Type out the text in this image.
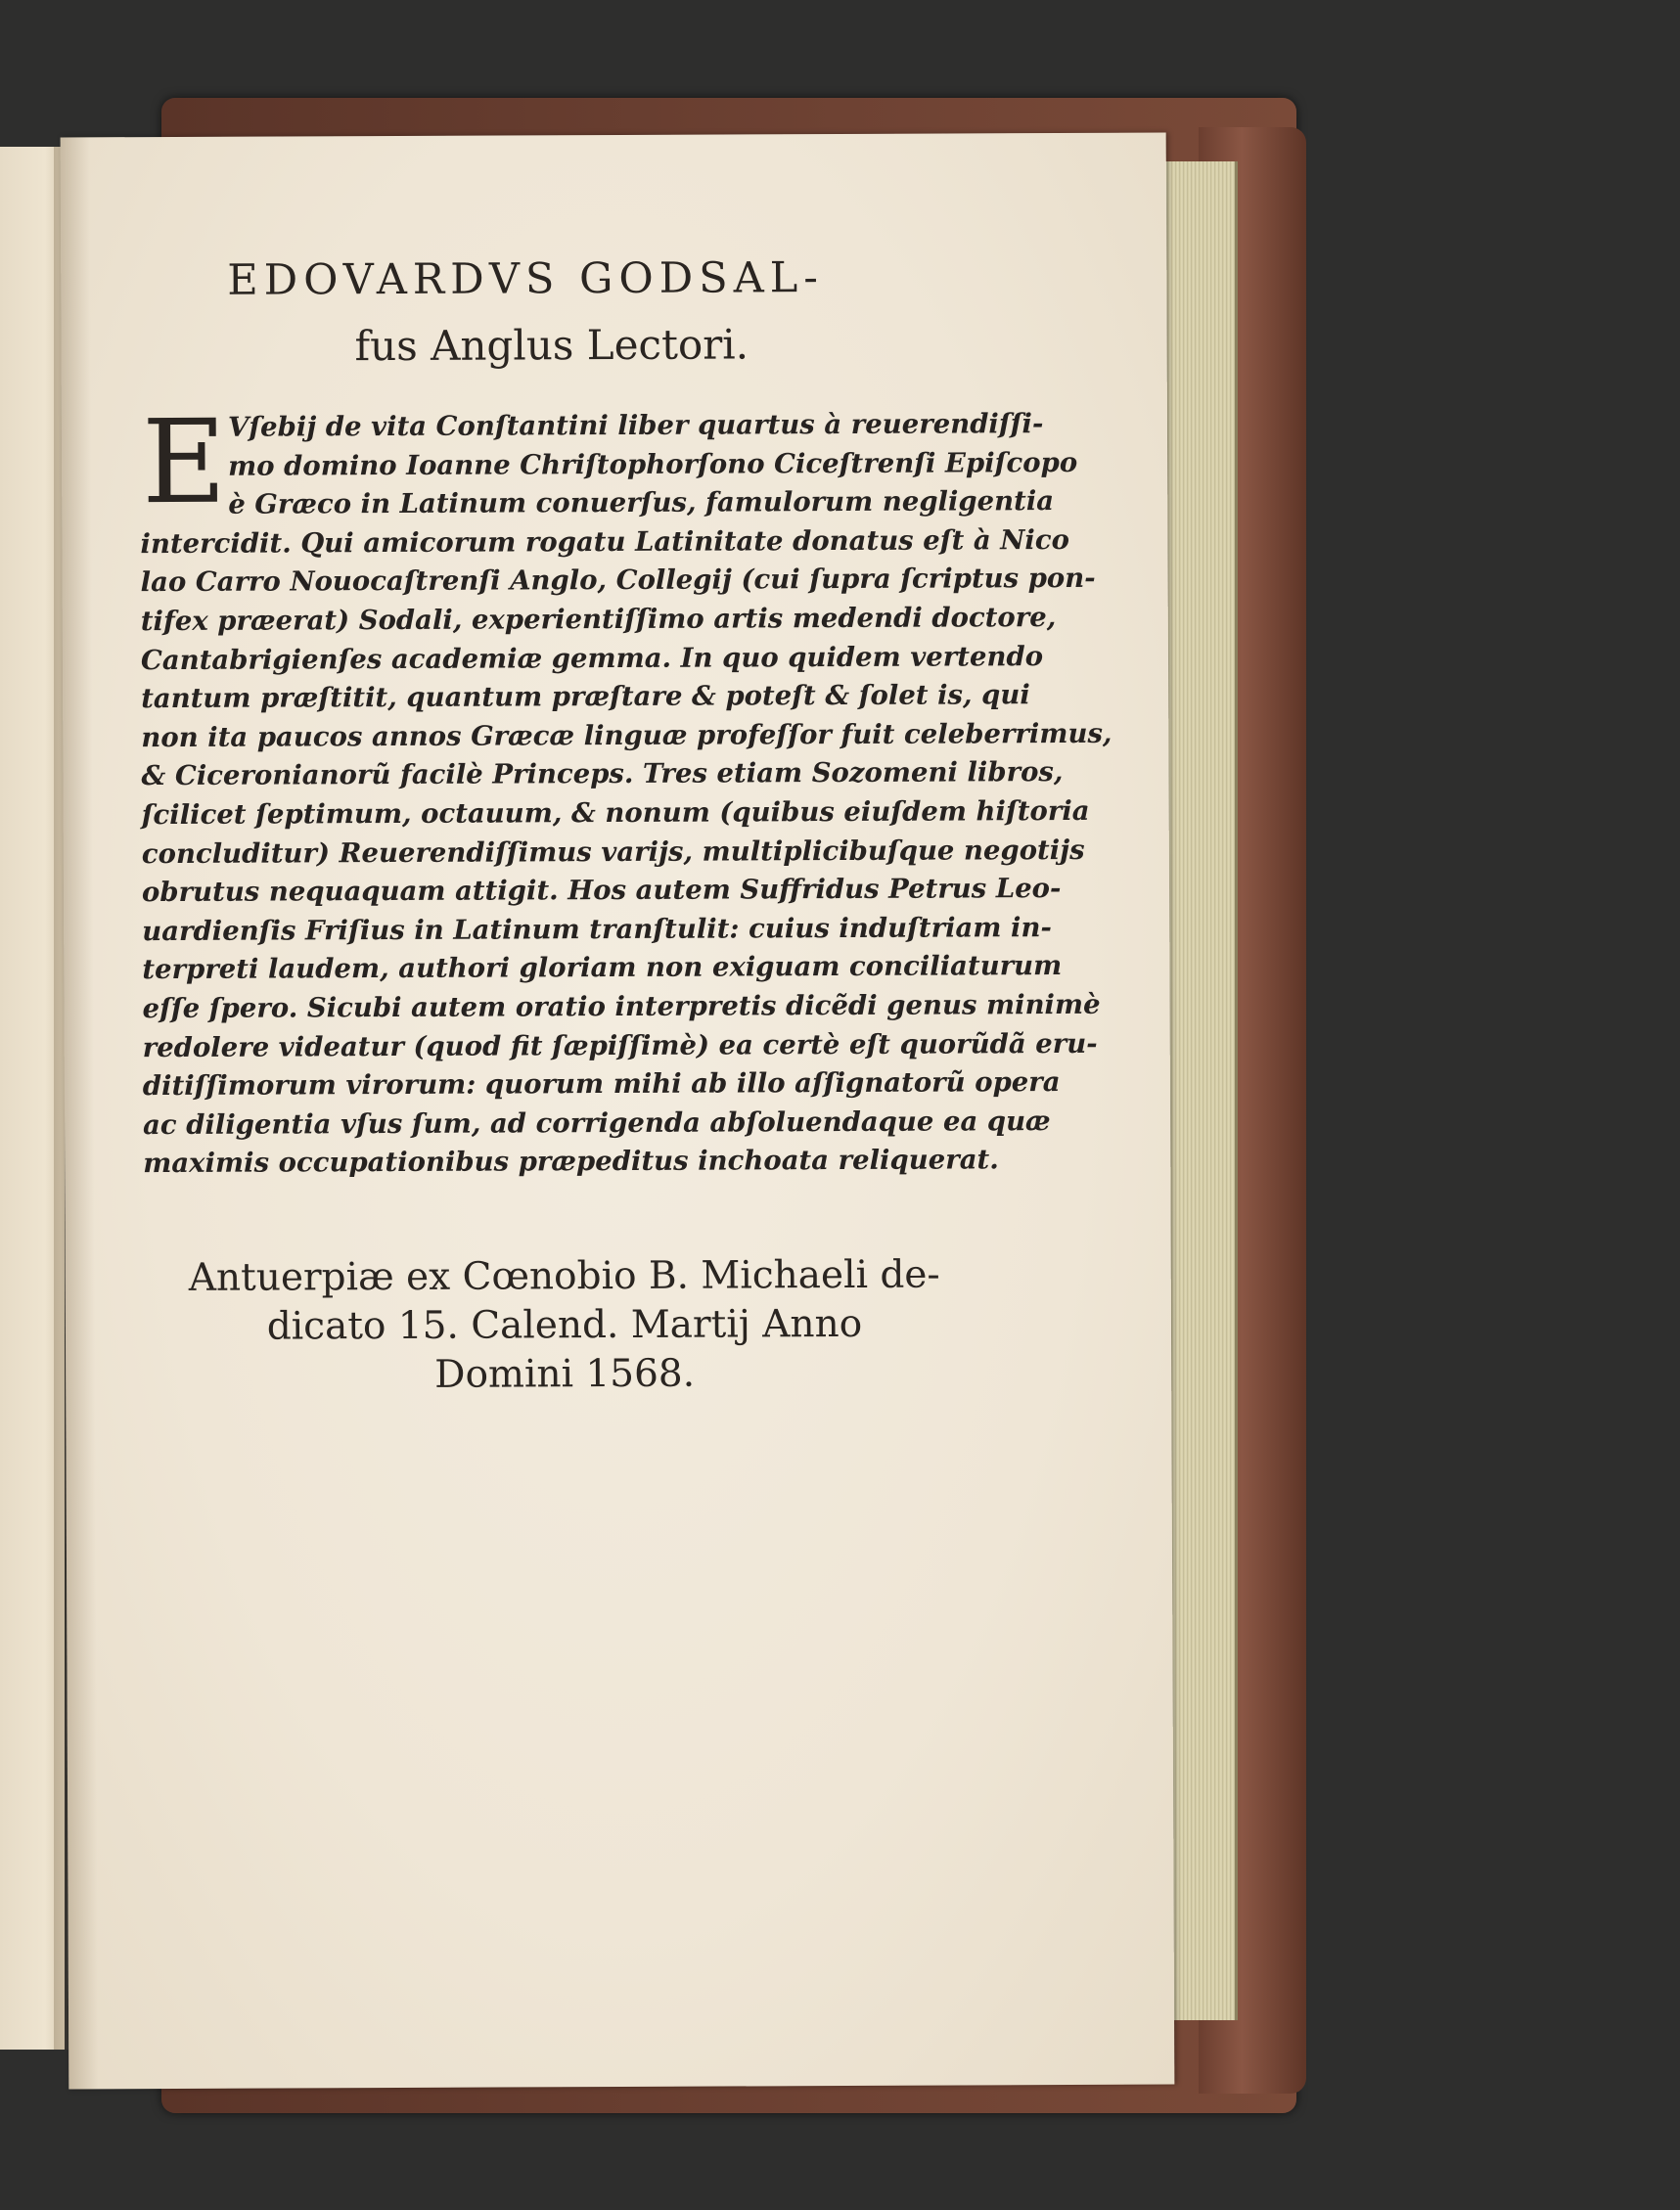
EDOVARDVS GODSAL-
fus Anglus Lectori.
E Vſebij de vita Conſtantini liber quartus à reuerendiſſi-
mo domino Ioanne Chriſtophorſono Ciceſtrenſi Epiſcopo
è Græco in Latinum conuerſus, famulorum negligentia
intercidit. Qui amicorum rogatu Latinitate donatus eſt à Nico
lao Carro Nouocaſtrenſi Anglo, Collegij (cui ſupra ſcriptus pon-
tifex præerat) Sodali, experientiſſimo artis medendi doctore,
Cantabrigienſes academiæ gemma. In quo quidem vertendo
tantum præſtitit, quantum præſtare & poteſt & ſolet is, qui
non ita paucos annos Græcæ linguæ profeſſor fuit celeberrimus,
& Ciceronianorũ facilè Princeps. Tres etiam Sozomeni libros,
ſcilicet ſeptimum, octauum, & nonum (quibus eiuſdem hiſtoria
concluditur) Reuerendiſſimus varijs, multiplicibuſque negotijs
obrutus nequaquam attigit. Hos autem Suffridus Petrus Leo-
uardienſis Friſius in Latinum tranſtulit: cuius induſtriam in-
terpreti laudem, authori gloriam non exiguam conciliaturum
eſſe ſpero. Sicubi autem oratio interpretis dicẽdi genus minimè
redolere videatur (quod fit ſæpiſſimè) ea certè eſt quorũdã eru-
ditiſſimorum virorum: quorum mihi ab illo aſſignatorũ opera
ac diligentia vſus ſum, ad corrigenda abſoluendaque ea quæ
maximis occupationibus præpeditus inchoata reliquerat.
Antuerpiæ ex Cœnobio B. Michaeli de-
dicato 15. Calend. Martij Anno
Domini 1568.
